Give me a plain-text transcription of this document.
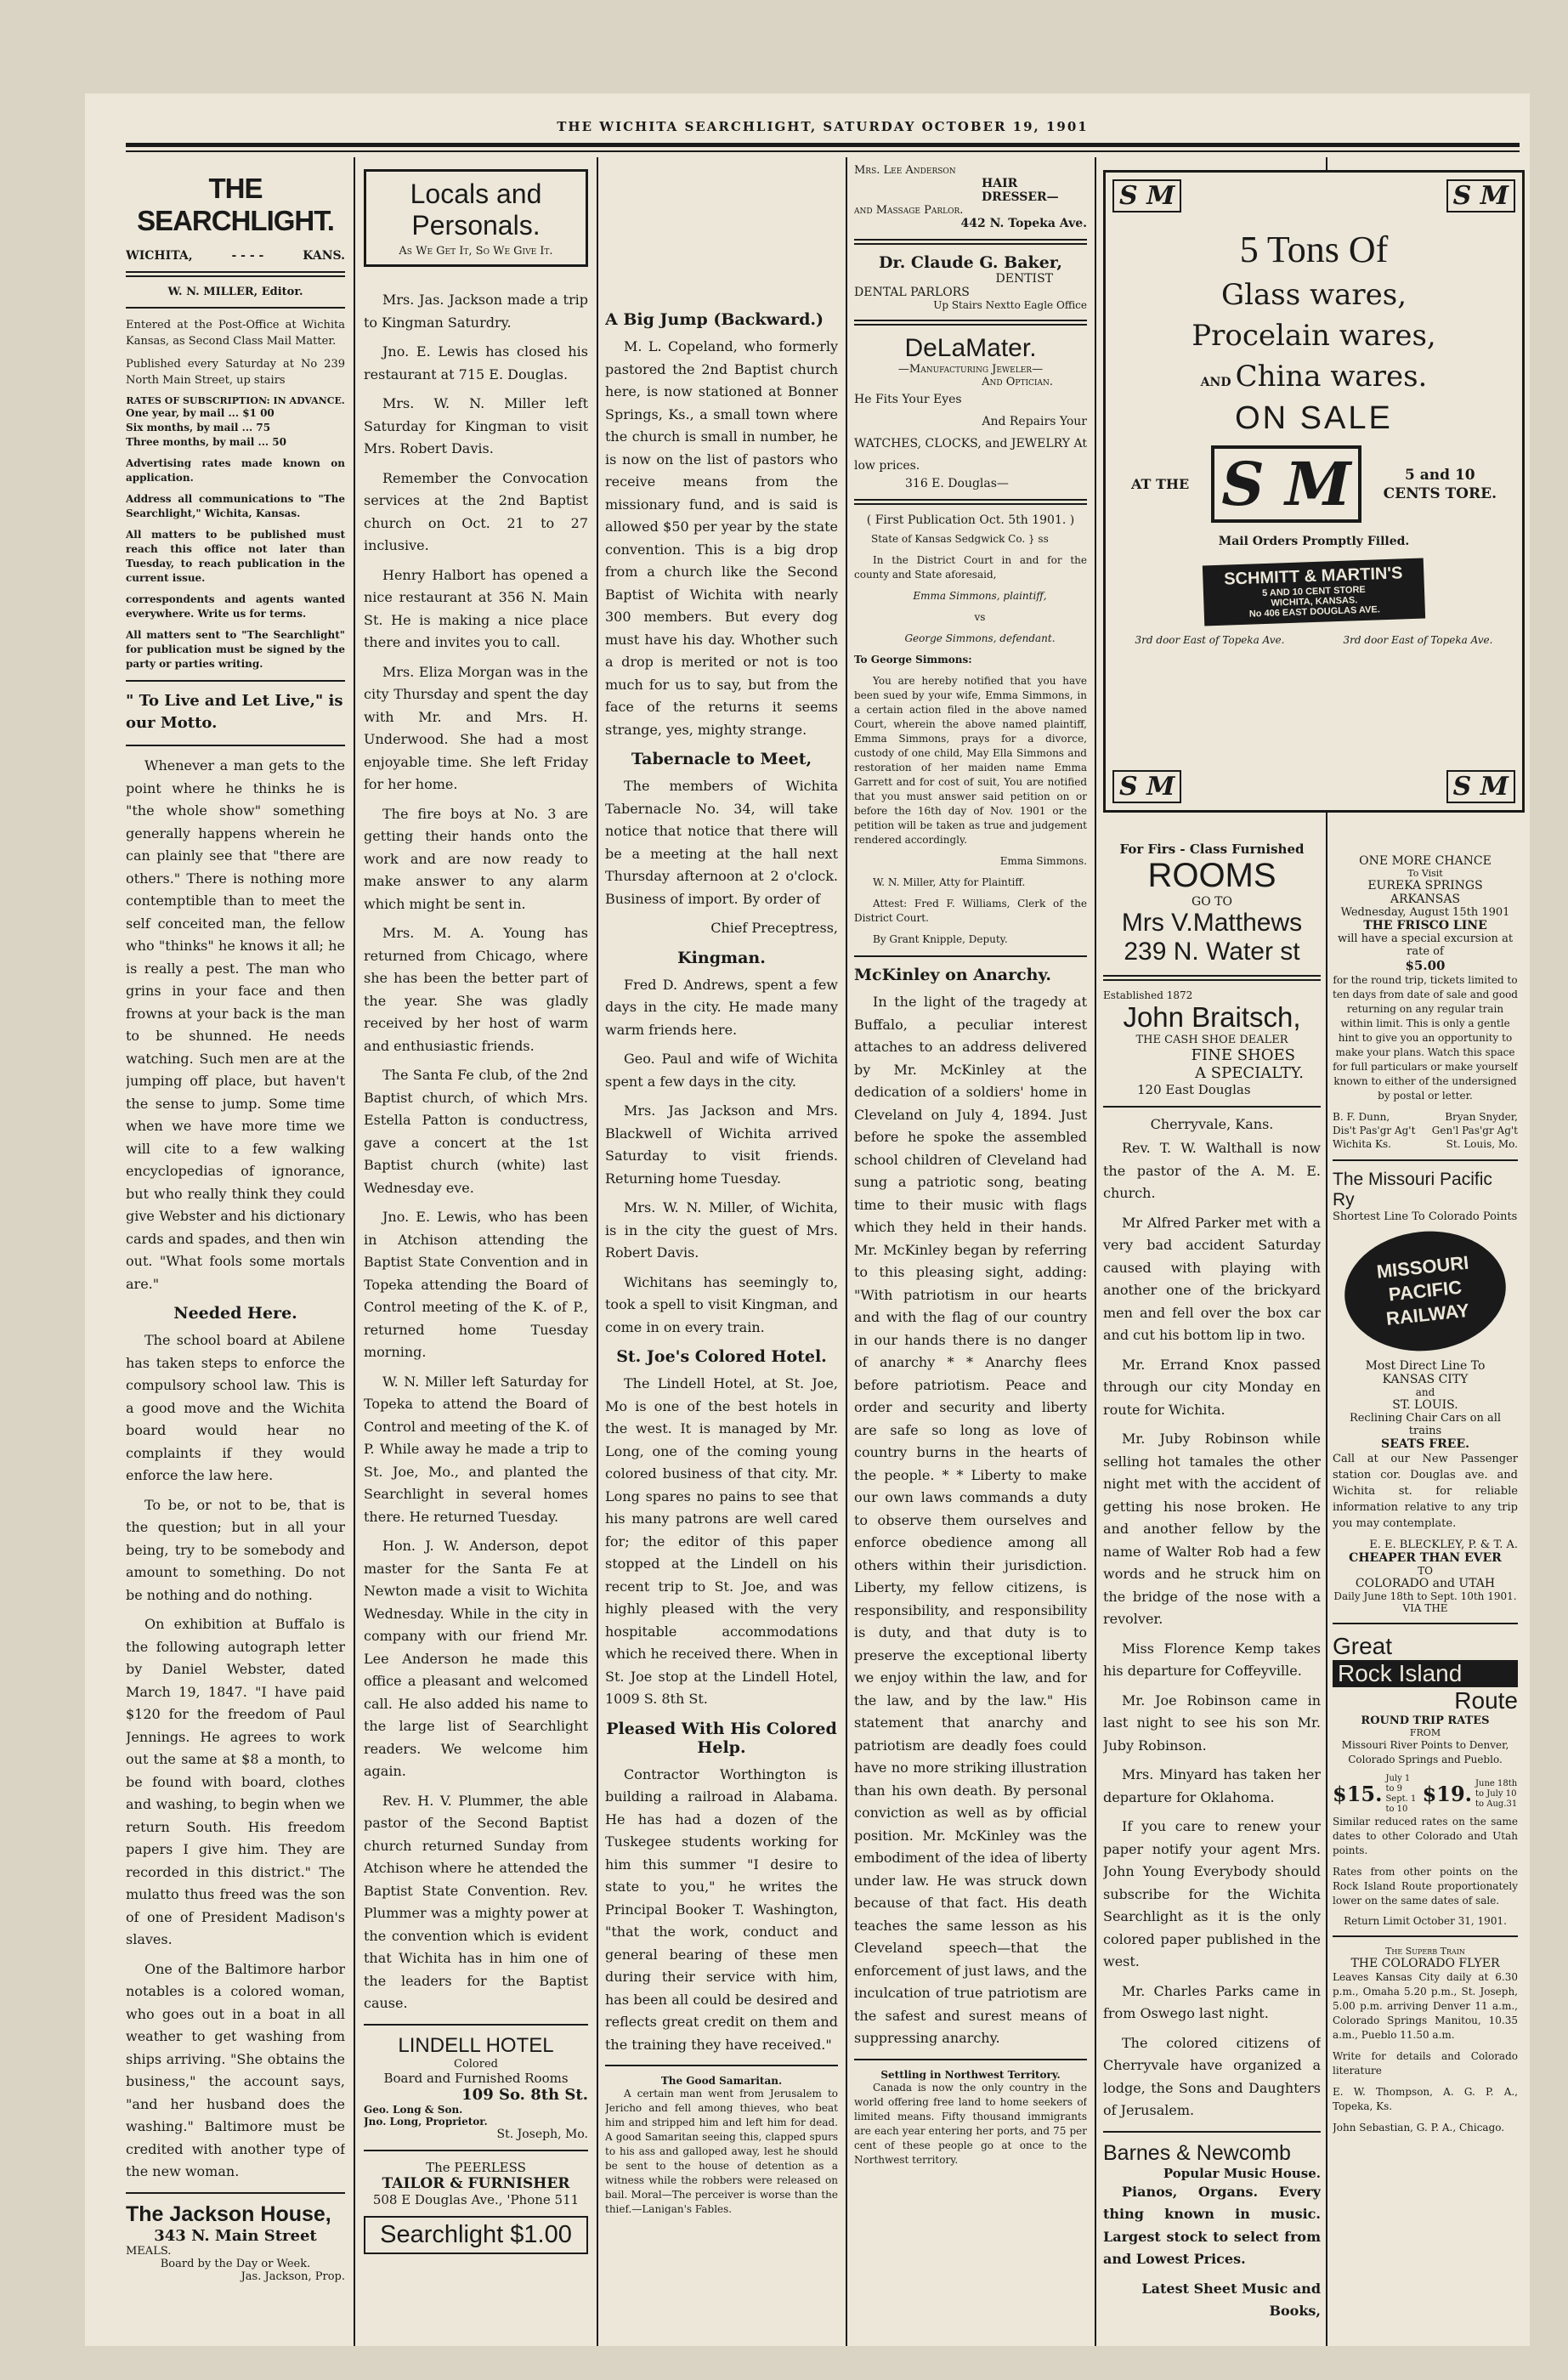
THE WICHITA SEARCHLIGHT, SATURDAY OCTOBER 19, 1901
THE SEARCHLIGHT.
WICHITA,	- - - -	KANS.
W. N. MILLER, Editor.

Entered at the Post-Office at Wichita Kansas, as Second Class Mail Matter.

Published every Saturday at No 239 North Main Street, up stairs

RATES OF SUBSCRIPTION: IN ADVANCE.

One year, by mail ... $1 00

Six months, by mail ... 75

Three months, by mail ... 50

Advertising rates made known on application.

Address all communications to "The Searchlight," Wichita, Kansas.

All matters to be published must reach this office not later than Tuesday, to reach publication in the current issue.

correspondents and agents wanted everywhere. Write us for terms.

All matters sent to "The Searchlight" for publication must be signed by the party or parties writing.

" To Live and Let Live," is our Motto.

Whenever a man gets to the point where he thinks he is "the whole show" something generally happens wherein he can plainly see that "there are others." There is nothing more contemptible than to meet the self conceited man, the fellow who "thinks" he knows it all; he is really a pest. The man who grins in your face and then frowns at your back is the man to be shunned. He needs watching. Such men are at the jumping off place, but haven't the sense to jump. Some time when we have more time we will cite to a few walking encyclopedias of ignorance, but who really think they could give Webster and his dictionary cards and spades, and then win out. "What fools some mortals are."

Needed Here.

The school board at Abilene has taken steps to enforce the compulsory school law. This is a good move and the Wichita board would hear no complaints if they would enforce the law here.

To be, or not to be, that is the question; but in all your being, try to be somebody and amount to something. Do not be nothing and do nothing.

On exhibition at Buffalo is the following autograph letter by Daniel Webster, dated March 19, 1847. "I have paid $120 for the freedom of Paul Jennings. He agrees to work out the same at $8 a month, to be found with board, clothes and washing, to begin when we return South. His freedom papers I give him. They are recorded in this district." The mulatto thus freed was the son of one of President Madison's slaves.

One of the Baltimore harbor notables is a colored woman, who goes out in a boat in all weather to get washing from ships arriving. "She obtains the business," the account says, "and her husband does the washing." Baltimore must be credited with another type of the new woman.

The Jackson House,
343 N. Main Street
MEALS.
Board by the Day or Week.
Jas. Jackson, Prop.
Locals and Personals.
As We Get It, So We Give It.

Mrs. Jas. Jackson made a trip to Kingman Saturdry.

Jno. E. Lewis has closed his restaurant at 715 E. Douglas.

Mrs. W. N. Miller left Saturday for Kingman to visit Mrs. Robert Davis.

Remember the Convocation services at the 2nd Baptist church on Oct. 21 to 27 inclusive.

Henry Halbort has opened a nice restaurant at 356 N. Main St. He is making a nice place there and invites you to call.

Mrs. Eliza Morgan was in the city Thursday and spent the day with Mr. and Mrs. H. Underwood. She had a most enjoyable time. She left Friday for her home.

The fire boys at No. 3 are getting their hands onto the work and are now ready to make answer to any alarm which might be sent in.

Mrs. M. A. Young has returned from Chicago, where she has been the better part of the year. She was gladly received by her host of warm and enthusiastic friends.

The Santa Fe club, of the 2nd Baptist church, of which Mrs. Estella Patton is conductress, gave a concert at the 1st Baptist church (white) last Wednesday eve.

Jno. E. Lewis, who has been in Atchison attending the Baptist State Convention and in Topeka attending the Board of Control meeting of the K. of P., returned home Tuesday morning.

W. N. Miller left Saturday for Topeka to attend the Board of Control and meeting of the K. of P. While away he made a trip to St. Joe, Mo., and planted the Searchlight in several homes there. He returned Tuesday.

Hon. J. W. Anderson, depot master for the Santa Fe at Newton made a visit to Wichita Wednesday. While in the city in company with our friend Mr. Lee Anderson he made this office a pleasant and welcomed call. He also added his name to the large list of Searchlight readers. We welcome him again.

Rev. H. V. Plummer, the able pastor of the Second Baptist church returned Sunday from Atchison where he attended the Baptist State Convention. Rev. Plummer was a mighty power at the convention which is evident that Wichita has in him one of the leaders for the Baptist cause.

LINDELL HOTEL
Colored
Board and Furnished Rooms
109 So. 8th St.
Geo. Long & Son.
Jno. Long, Proprietor.
St. Joseph, Mo.
The PEERLESS
TAILOR & FURNISHER
508 E Douglas Ave., 'Phone 511
Searchlight $1.00
A Big Jump (Backward.)

M. L. Copeland, who formerly pastored the 2nd Baptist church here, is now stationed at Bonner Springs, Ks., a small town where the church is small in number, he is now on the list of pastors who receive means from the missionary fund, and is said is allowed $50 per year by the state convention. This is a big drop from a church like the Second Baptist of Wichita with nearly 300 members. But every dog must have his day. Whother such a drop is merited or not is too much for us to say, but from the face of the returns it seems strange, yes, mighty strange.

Tabernacle to Meet,

The members of Wichita Tabernacle No. 34, will take notice that notice that there will be a meeting at the hall next Thursday afternoon at 2 o'clock. Business of import. By order of

Chief Preceptress,

Kingman.

Fred D. Andrews, spent a few days in the city. He made many warm friends here.

Geo. Paul and wife of Wichita spent a few days in the city.

Mrs. Jas Jackson and Mrs. Blackwell of Wichita arrived Saturday to visit friends. Returning home Tuesday.

Mrs. W. N. Miller, of Wichita, is in the city the guest of Mrs. Robert Davis.

Wichitans has seemingly to, took a spell to visit Kingman, and come in on every train.

St. Joe's Colored Hotel.

The Lindell Hotel, at St. Joe, Mo is one of the best hotels in the west. It is managed by Mr. Long, one of the coming young colored business of that city. Mr. Long spares no pains to see that his many patrons are well cared for; the editor of this paper stopped at the Lindell on his recent trip to St. Joe, and was highly pleased with the very hospitable accommodations which he received there. When in St. Joe stop at the Lindell Hotel, 1009 S. 8th St.

Pleased With His Colored Help.

Contractor Worthington is building a railroad in Alabama. He has had a dozen of the Tuskegee students working for him this summer "I desire to state to you," he writes the Principal Booker T. Washington, "that the work, conduct and general bearing of these men during their service with him, has been all could be desired and reflects great credit on them and the training they have received."

The Good Samaritan.

A certain man went from Jerusalem to Jericho and fell among thieves, who beat him and stripped him and left him for dead. A good Samaritan seeing this, clapped spurs to his ass and galloped away, lest he should be sent to the house of detention as a witness while the robbers were released on bail. Moral—The perceiver is worse than the thief.—Lanigan's Fables.

Mrs. Lee Anderson
HAIR
DRESSER—
and Massage Parlor.
442 N. Topeka Ave.
Dr. Claude G. Baker,
DENTIST
DENTAL PARLORS
Up Stairs Nextto Eagle Office
DeLaMater.
—Manufacturing Jeweler—
And Optician.
He Fits Your Eyes
And Repairs Your
WATCHES, CLOCKS, and JEWELRY At low prices.
316 E. Douglas—
( First Publication Oct. 5th 1901. )

State of Kansas Sedgwick Co. } ss

In the District Court in and for the county and State aforesaid,

Emma Simmons, plaintiff,

vs

George Simmons, defendant.

To George Simmons:

You are hereby notified that you have been sued by your wife, Emma Simmons, in a certain action filed in the above named Court, wherein the above named plaintiff, Emma Simmons, prays for a divorce, custody of one child, May Ella Simmons and restoration of her maiden name Emma Garrett and for cost of suit, You are notified that you must answer said petition on or before the 16th day of Nov. 1901 or the petition will be taken as true and judgement rendered accordingly.

Emma Simmons.

W. N. Miller, Atty for Plaintiff.

Attest: Fred F. Williams, Clerk of the District Court.

By Grant Knipple, Deputy.

McKinley on Anarchy.

In the light of the tragedy at Buffalo, a peculiar interest attaches to an address delivered by Mr. McKinley at the dedication of a soldiers' home in Cleveland on July 4, 1894. Just before he spoke the assembled school children of Cleveland had sung a patriotic song, beating time to their music with flags which they held in their hands. Mr. McKinley began by referring to this pleasing sight, adding: "With patriotism in our hearts and with the flag of our country in our hands there is no danger of anarchy * * Anarchy flees before patriotism. Peace and order and security and liberty are safe so long as love of country burns in the hearts of the people. * * Liberty to make our own laws commands a duty to observe them ourselves and enforce obedience among all others within their jurisdiction. Liberty, my fellow citizens, is responsibility, and responsibility is duty, and that duty is to preserve the exceptional liberty we enjoy within the law, and for the law, and by the law." His statement that anarchy and patriotism are deadly foes could have no more striking illustration than his own death. By personal conviction as well as by official position. Mr. McKinley was the embodiment of the idea of liberty under law. He was struck down because of that fact. His death teaches the same lesson as his Cleveland speech—that the enforcement of just laws, and the inculcation of true patriotism are the safest and surest means of suppressing anarchy.

Settling in Northwest Territory.

Canada is now the only country in the world offering free land to home seekers of limited means. Fifty thousand immigrants are each year entering her ports, and 75 per cent of these people go at once to the Northwest territory.

S M	S M
S M	S M
5 Tons Of
Glass wares,
Procelain wares,
AND China wares.
ON SALE
AT THE S M	5 and 10
CENTS TORE.
Mail Orders Promptly Filled.
SCHMITT & MARTIN'S
5 AND 10 CENT STORE
WICHITA, KANSAS.
No 406 EAST DOUGLAS AVE.
3rd door East of Topeka Ave.	3rd door East of Topeka Ave.
For Firs - Class Furnished
ROOMS
GO TO
Mrs V.Matthews
239 N. Water st
Established 1872
John Braitsch,
THE CASH SHOE DEALER
FINE SHOES
A SPECIALTY.
120 East Douglas
Cherryvale, Kans.

Rev. T. W. Walthall is now the pastor of the A. M. E. church.

Mr Alfred Parker met with a very bad accident Saturday caused with playing with another one of the brickyard men and fell over the box car and cut his bottom lip in two.

Mr. Errand Knox passed through our city Monday en route for Wichita.

Mr. Juby Robinson while selling hot tamales the other night met with the accident of getting his nose broken. He and another fellow by the name of Walter Rob had a few words and he struck him on the bridge of the nose with a revolver.

Miss Florence Kemp takes his departure for Coffeyville.

Mr. Joe Robinson came in last night to see his son Mr. Juby Robinson.

Mrs. Minyard has taken her departure for Oklahoma.

If you care to renew your paper notify your agent Mrs. John Young Everybody should subscribe for the Wichita Searchlight as it is the only colored paper published in the west.

Mr. Charles Parks came in from Oswego last night.

The colored citizens of Cherryvale have organized a lodge, the Sons and Daughters of Jerusalem.

Barnes & Newcomb
Popular Music House.

Pianos, Organs. Every thing known in music. Largest stock to select from and Lowest Prices.

Latest Sheet Music and Books,

ONE MORE CHANCE
To Visit
EUREKA SPRINGS ARKANSAS
Wednesday, August 15th 1901
THE FRISCO LINE
will have a special excursion at rate of
$5.00

for the round trip, tickets limited to ten days from date of sale and good returning on any regular train within limit. This is only a gentle hint to give you an opportunity to make your plans. Watch this space for full particulars or make yourself known to either of the undersigned by postal or letter.

B. F. Dunn,
Dis't Pas'gr Ag't
Wichita Ks.
Bryan Snyder,
Gen'l Pas'gr Ag't
St. Louis, Mo.
The Missouri Pacific Ry
Shortest Line To Colorado Points
MISSOURI
PACIFIC
RAILWAY
Most Direct Line To
KANSAS CITY
and
ST. LOUIS.
Reclining Chair Cars on all trains
SEATS FREE.

Call at our New Passenger station cor. Douglas ave. and Wichita st. for reliable information relative to any trip you may contemplate.

E. E. BLECKLEY, P. & T. A.
CHEAPER THAN EVER
TO
COLORADO and UTAH
Daily June 18th to Sept. 10th 1901.
VIA THE
Great
Rock Island
Route
ROUND TRIP RATES
FROM

Missouri River Points to Denver, Colorado Springs and Pueblo.

$15.
July 1 to 9 Sept. 1 to 10
$19. June 18th to July 10 to Aug.31

Similar reduced rates on the same dates to other Colorado and Utah points.

Rates from other points on the Rock Island Route proportionately lower on the same dates of sale.

Return Limit October 31, 1901.
The Superb Train
THE COLORADO FLYER

Leaves Kansas City daily at 6.30 p.m., Omaha 5.20 p.m., St. Joseph, 5.00 p.m. arriving Denver 11 a.m., Colorado Springs Manitou, 10.35 a.m., Pueblo 11.50 a.m.

Write for details and Colorado literature

E. W. Thompson, A. G. P. A., Topeka, Ks.

John Sebastian, G. P. A., Chicago.
